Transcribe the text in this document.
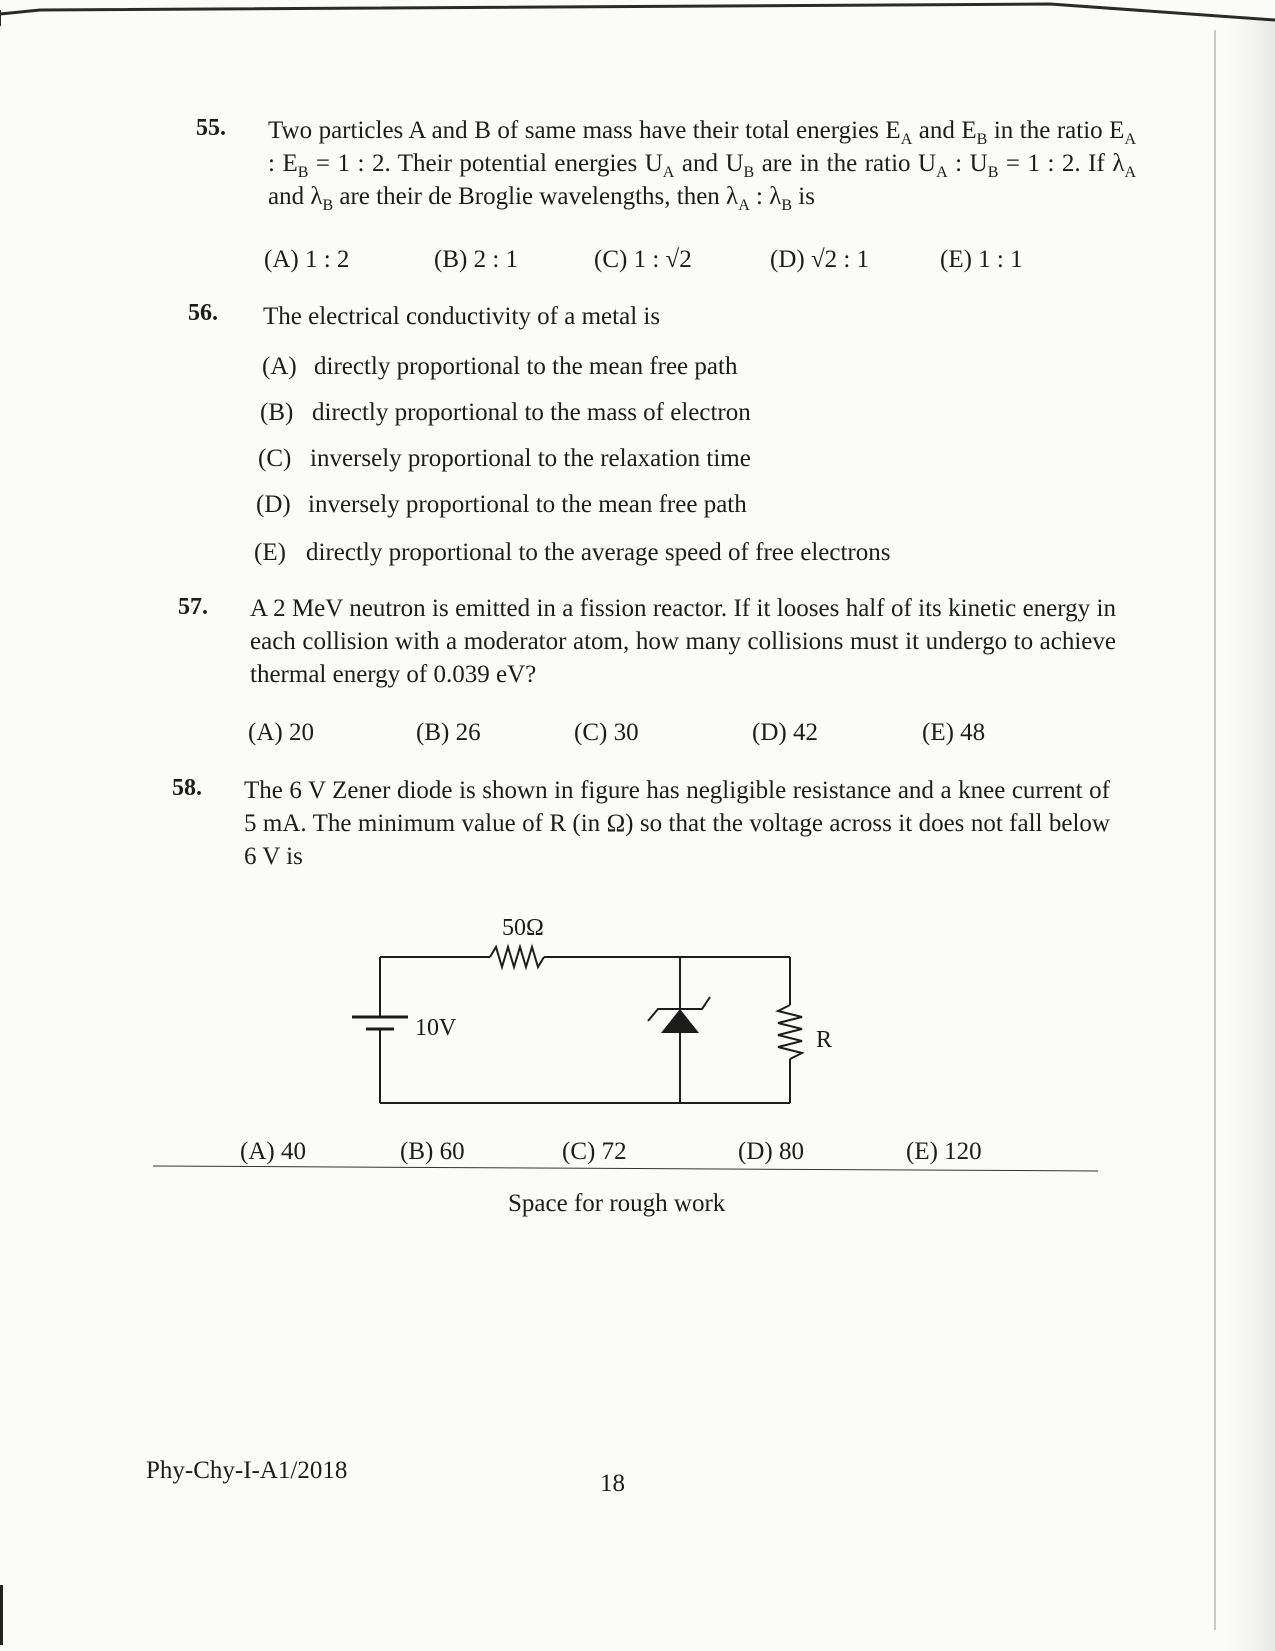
55. Two particles A and B of same mass have their total energies $E_A$ and $E_B$ in the ratio $E_A$ : $E_B = 1$ : 2. Their potential energies $U_A$ and $U_B$ are in the ratio $U_A$ : $U_B = 1$ : 2. If $\lambda_A$ and $\lambda_B$ are their de Broglie wavelengths, then $\lambda_A$ : $\lambda_B$ is
(A) 1 : 2	(B) 2 : 1	(C) 1 : √2	(D) √2 : 1	(E) 1 : 1
56. The electrical conductivity of a metal is
(A) directly proportional to the mean free path
(B) directly proportional to the mass of electron
(C) inversely proportional to the relaxation time
(D) inversely proportional to the mean free path
(E) directly proportional to the average speed of free electrons
57. A 2 MeV neutron is emitted in a fission reactor. If it looses half of its kinetic energy in each collision with a moderator atom, how many collisions must it undergo to achieve thermal energy of 0.039 eV?
(A) 20	(B) 26	(C) 30	(D) 42	(E) 48
58. The 6 V Zener diode is shown in figure has negligible resistance and a knee current of 5 mA. The minimum value of R (in Ω) so that the voltage across it does not fall below 6 V is
50Ω
10V	R
(A) 40	(B) 60	(C) 72	(D) 80	(E) 120
Space for rough work
Phy-Chy-I-A1/2018	18
